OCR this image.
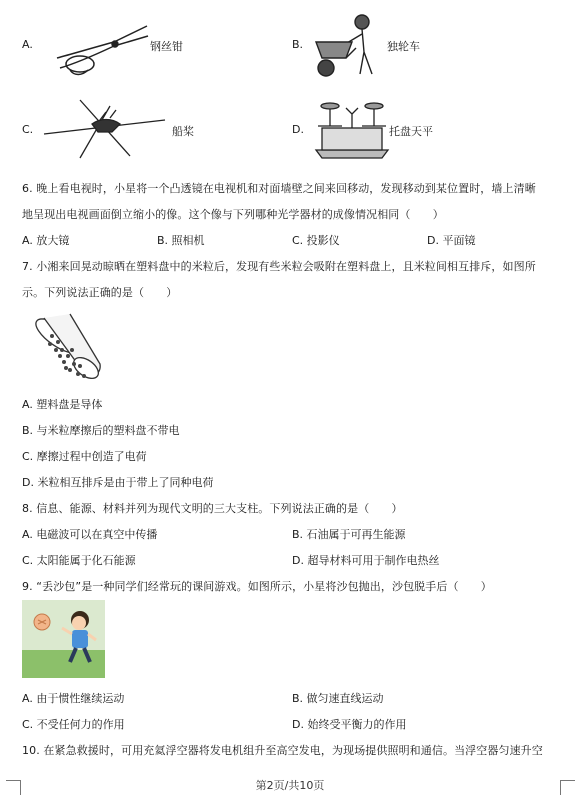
A.	钢丝钳	B.	独轮车
C.	船桨	D.	托盘天平
6. 晚上看电视时，小星将一个凸透镜在电视机和对面墙壁之间来回移动，发现移动到某位置时，墙上清晰
地呈现出电视画面倒立缩小的像。这个像与下列哪种光学器材的成像情况相同（　　）
A. 放大镜	B. 照相机	C. 投影仪	D. 平面镜
7. 小湘来回晃动晾晒在塑料盘中的米粒后，发现有些米粒会吸附在塑料盘上，且米粒间相互排斥，如图所
示。下列说法正确的是（　　）
A. 塑料盘是导体
B. 与米粒摩擦后的塑料盘不带电
C. 摩擦过程中创造了电荷
D. 米粒相互排斥是由于带上了同种电荷
8. 信息、能源、材料并列为现代文明的三大支柱。下列说法正确的是（　　）
A. 电磁波可以在真空中传播	B. 石油属于可再生能源
C. 太阳能属于化石能源	D. 超导材料可用于制作电热丝
9. “丢沙包”是一种同学们经常玩的课间游戏。如图所示，小星将沙包抛出，沙包脱手后（　　）
A. 由于惯性继续运动	B. 做匀速直线运动
C. 不受任何力的作用	D. 始终受平衡力的作用
10. 在紧急救援时，可用充氦浮空器将发电机组升至高空发电，为现场提供照明和通信。当浮空器匀速升空
第2页/共10页
